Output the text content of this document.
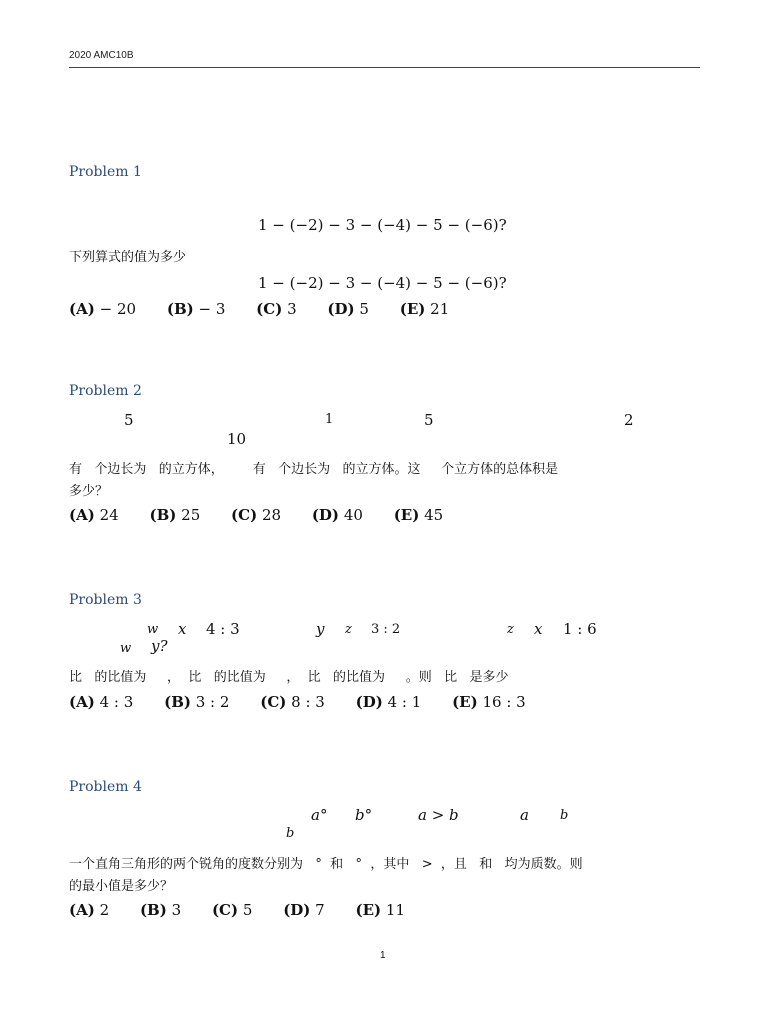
2020 AMC10B
Problem 1
1 − (−2) − 3 − (−4) − 5 − (−6)?
下列算式的值为多少
1 − (−2) − 3 − (−4) − 5 − (−6)?
(A) − 20 (B) − 3 (C) 3 (D) 5 (E) 21
Problem 2
5	1	5	2
10
有   个边长为   的立方体，       有   个边长为   的立方体。这     个立方体的总体积是
多少？
(A) 24 (B) 25 (C) 28 (D) 40 (E) 45
Problem 3
w x 4 : 3	y z 3 : 2	z x 1 : 6
w y?
比   的比值为     ，  比   的比值为     ，  比   的比值为     。则   比   是多少
(A) 4 : 3 (B) 3 : 2 (C) 8 : 3 (D) 4 : 1 (E) 16 : 3
Problem 4
a° b°	a > b	a b
b
一个直角三角形的两个锐角的度数分别为   °  和   °  ，其中   >  ，且   和   均为质数。则
的最小值是多少？
(A) 2 (B) 3 (C) 5 (D) 7 (E) 11
1
